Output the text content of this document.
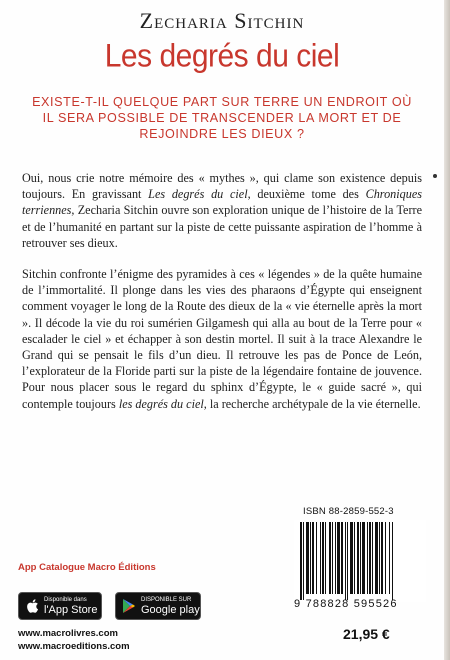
Zecharia Sitchin
Les degrés du ciel
EXISTE-T-IL QUELQUE PART SUR TERRE UN ENDROIT OÙ IL SERA POSSIBLE DE TRANSCENDER LA MORT ET DE REJOINDRE LES DIEUX ?
Oui, nous crie notre mémoire des « mythes », qui clame son existence depuis toujours. En gravissant Les degrés du ciel, deuxième tome des Chroniques terriennes, Zecharia Sitchin ouvre son exploration unique de l’histoire de la Terre et de l’humanité en partant sur la piste de cette puissante aspiration de l’homme à retrouver ses dieux.
Sitchin confronte l’énigme des pyramides à ces « légendes » de la quête humaine de l’immortalité. Il plonge dans les vies des pharaons d’Égypte qui enseignent comment voyager le long de la Route des dieux de la « vie éternelle après la mort ». Il décode la vie du roi sumérien Gilgamesh qui alla au bout de la Terre pour « escalader le ciel » et échapper à son destin mortel. Il suit à la trace Alexandre le Grand qui se pensait le fils d’un dieu. Il retrouve les pas de Ponce de León, l’explorateur de la Floride parti sur la piste de la légendaire fontaine de jouvence. Pour nous placer sous le regard du sphinx d’Égypte, le « guide sacré », qui contemple toujours les degrés du ciel, la recherche archétypale de la vie éternelle.
ISBN 88-2859-552-3
9 788828 595526
21,95 €
App Catalogue Macro Éditions
Disponible dans
l'App Store
DISPONIBLE SUR
Google play
www.macrolivres.com
www.macroeditions.com
